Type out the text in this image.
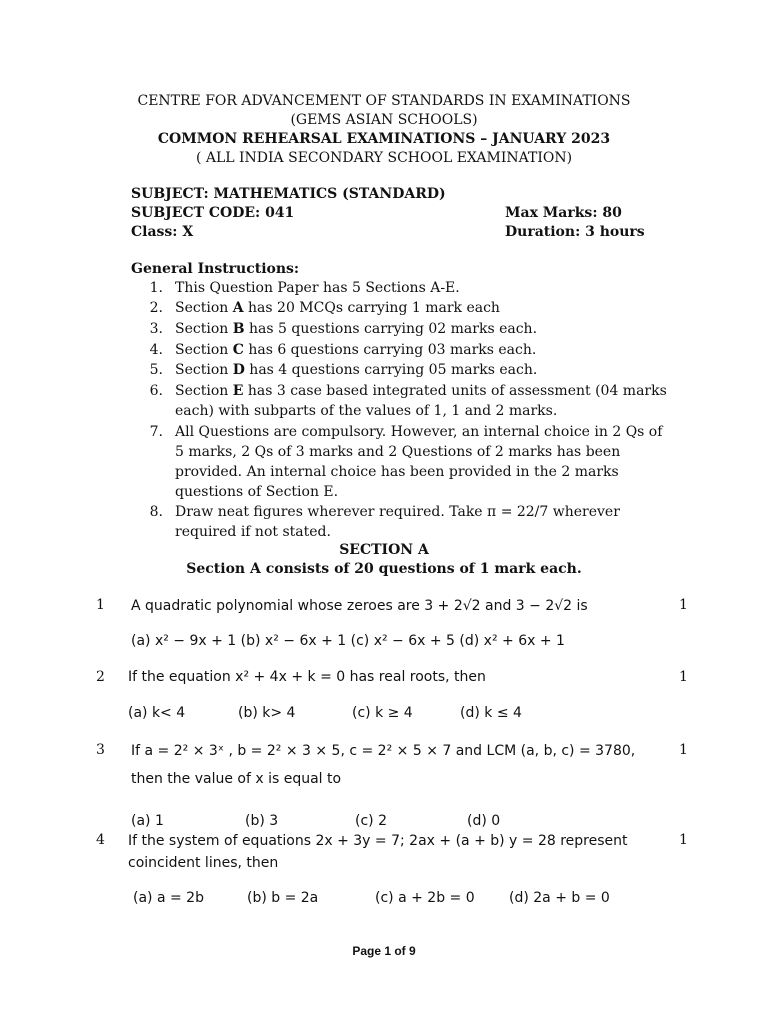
CENTRE FOR ADVANCEMENT OF STANDARDS IN EXAMINATIONS
(GEMS ASIAN SCHOOLS)
COMMON REHEARSAL EXAMINATIONS – JANUARY 2023
( ALL INDIA SECONDARY SCHOOL EXAMINATION)
SUBJECT: MATHEMATICS (STANDARD)
SUBJECT CODE: 041
Class: X
Max Marks: 80
Duration: 3 hours
General Instructions:
1. This Question Paper has 5 Sections A-E.
2. Section A has 20 MCQs carrying 1 mark each
3. Section B has 5 questions carrying 02 marks each.
4. Section C has 6 questions carrying 03 marks each.
5. Section D has 4 questions carrying 05 marks each.
6. Section E has 3 case based integrated units of assessment (04 marks
each) with subparts of the values of 1, 1 and 2 marks.
7. All Questions are compulsory. However, an internal choice in 2 Qs of
5 marks, 2 Qs of 3 marks and 2 Questions of 2 marks has been
provided. An internal choice has been provided in the 2 marks
questions of Section E.
8. Draw neat figures wherever required. Take π = 22/7 wherever
required if not stated.
SECTION A
Section A consists of 20 questions of 1 mark each.
1 A quadratic polynomial whose zeroes are 3 + 2√2 and 3 − 2√2 is	1
(a) x² − 9x + 1 (b) x² − 6x + 1 (c) x² − 6x + 5 (d) x² + 6x + 1
2 If the equation x² + 4x + k = 0 has real roots, then	1
(a) k< 4	(b) k> 4	(c) k ≥ 4	(d) k ≤ 4
3 If a = 2² × 3ˣ , b = 2² × 3 × 5, c = 2² × 5 × 7 and LCM (a, b, c) = 3780,	1
then the value of x is equal to
(a) 1	(b) 3	(c) 2	(d) 0
4 If the system of equations 2x + 3y = 7; 2ax + (a + b) y = 28 represent	1
coincident lines, then
(a) a = 2b	(b) b = 2a	(c) a + 2b = 0 (d) 2a + b = 0
Page 1 of 9
